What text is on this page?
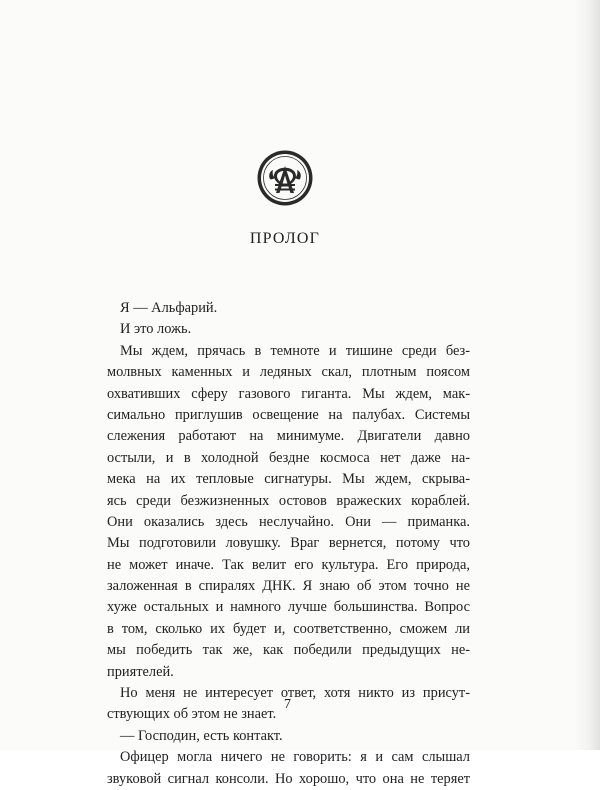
ПРОЛОГ
Я — Альфарий.
И это ложь.
Мы ждем, прячась в темноте и тишине среди без-
молвных каменных и ледяных скал, плотным поясом
охвативших сферу газового гиганта. Мы ждем, мак-
симально приглушив освещение на палубах. Системы
слежения работают на минимуме. Двигатели давно
остыли, и в холодной бездне космоса нет даже на-
мека на их тепловые сигнатуры. Мы ждем, скрыва-
ясь среди безжизненных остовов вражеских кораблей.
Они оказались здесь неслучайно. Они — приманка.
Мы подготовили ловушку. Враг вернется, потому что
не может иначе. Так велит его культура. Его природа,
заложенная в спиралях ДНК. Я знаю об этом точно не
хуже остальных и намного лучше большинства. Вопрос
в том, сколько их будет и, соответственно, сможем ли
мы победить так же, как победили предыдущих не-
приятелей.
Но меня не интересует ответ, хотя никто из присут-
ствующих об этом не знает.
— Господин, есть контакт.
Офицер могла ничего не говорить: я и сам слышал
звуковой сигнал консоли. Но хорошо, что она не теряет
7
